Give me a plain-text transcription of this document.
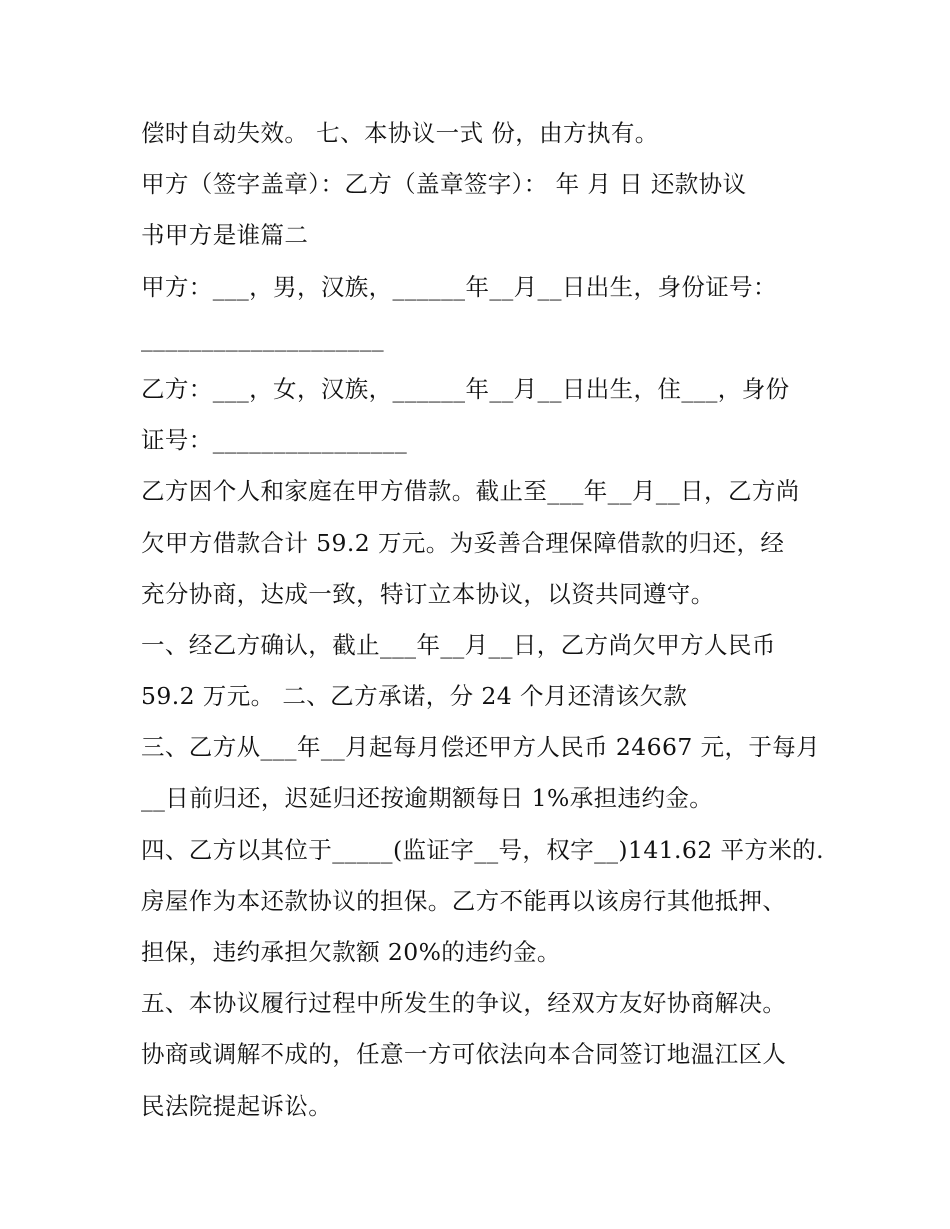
偿时自动失效。 七、本协议一式 份，由方执有。
甲方（签字盖章）：乙方（盖章签字）： 年 月 日 还款协议
书甲方是谁篇二
甲方：___，男，汉族，______年__月__日出生，身份证号：
____________________
乙方：___，女，汉族，______年__月__日出生，住___，身份
证号：________________
乙方因个人和家庭在甲方借款。截止至___年__月__日，乙方尚
欠甲方借款合计 59.2 万元。为妥善合理保障借款的归还，经
充分协商，达成一致，特订立本协议，以资共同遵守。
一、经乙方确认，截止___年__月__日，乙方尚欠甲方人民币
59.2 万元。 二、乙方承诺，分 24 个月还清该欠款
三、乙方从___年__月起每月偿还甲方人民币 24667 元，于每月
__日前归还，迟延归还按逾期额每日 1%承担违约金。
四、乙方以其位于_____(监证字__号，权字__)141.62 平方米的.
房屋作为本还款协议的担保。乙方不能再以该房行其他抵押、
担保，违约承担欠款额 20%的违约金。
五、本协议履行过程中所发生的争议，经双方友好协商解决。
协商或调解不成的，任意一方可依法向本合同签订地温江区人
民法院提起诉讼。
